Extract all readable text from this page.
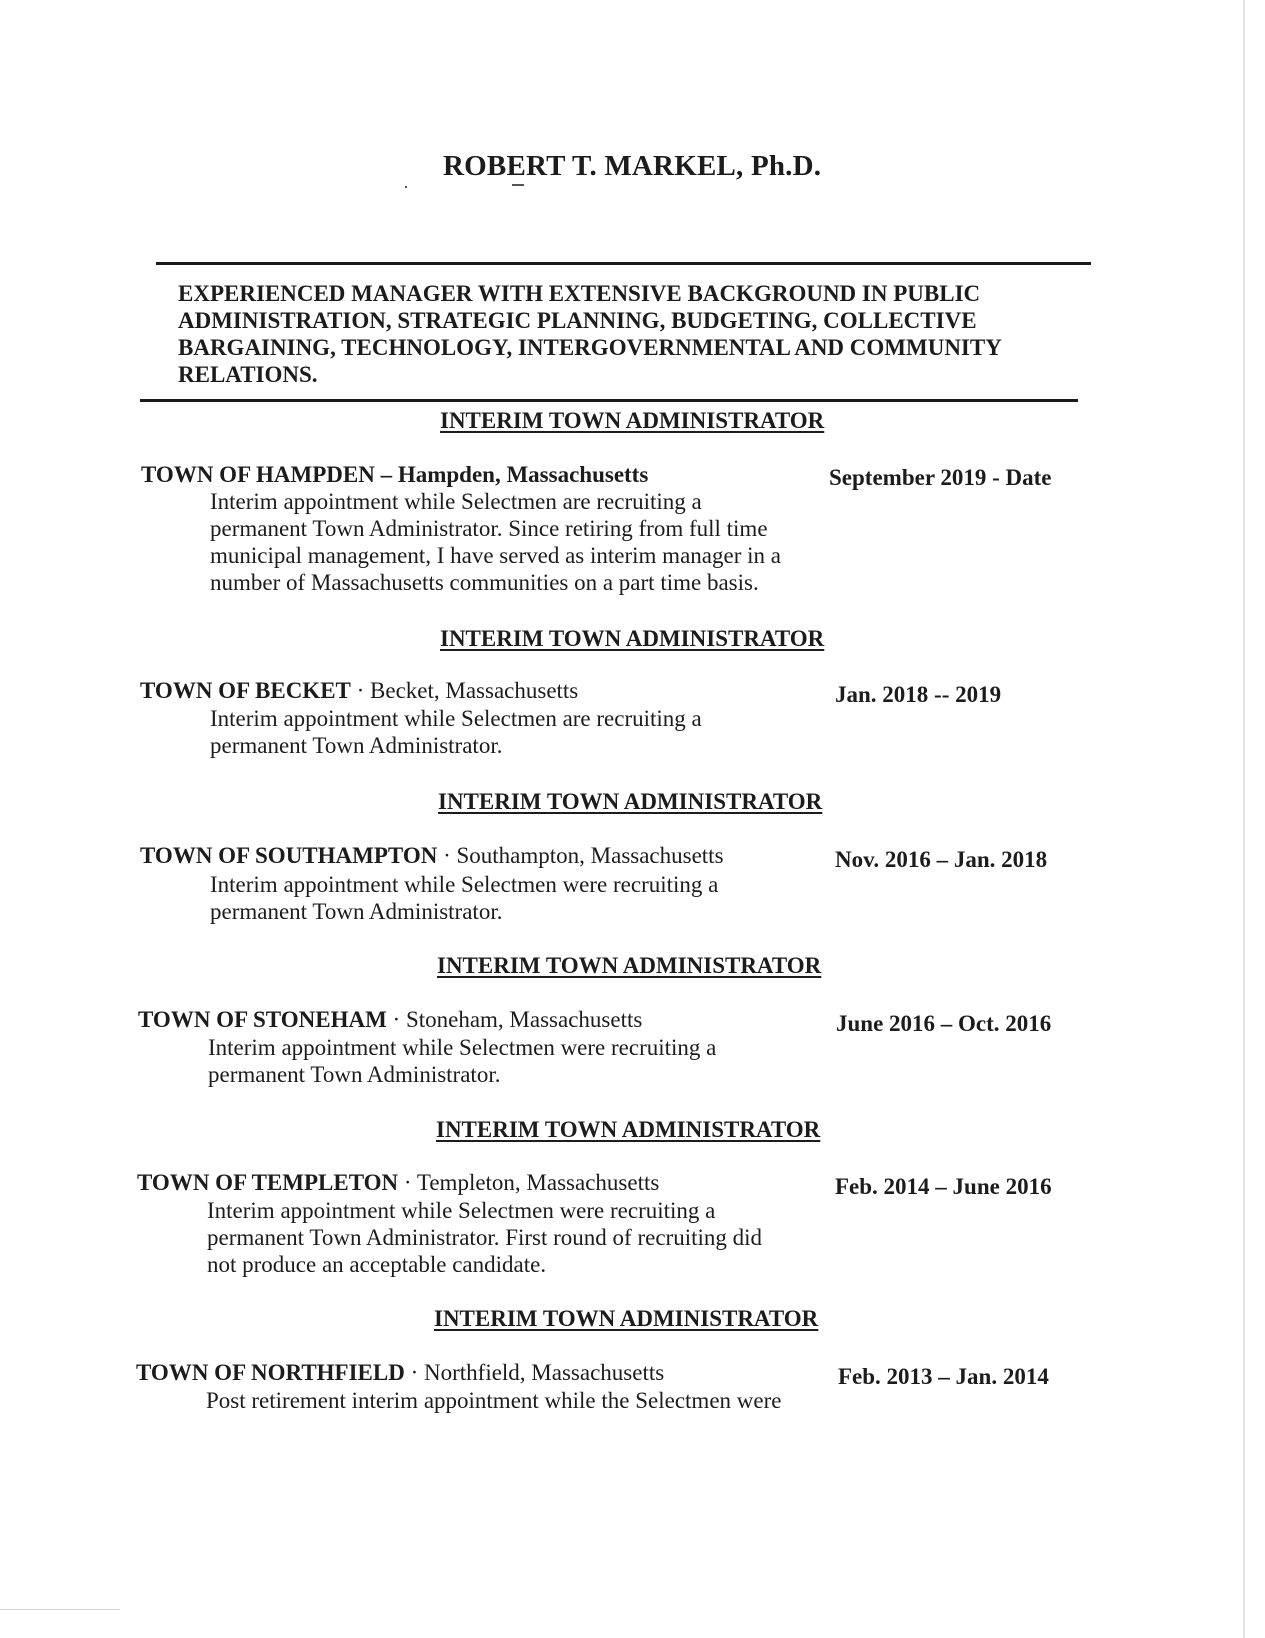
ROBERT T. MARKEL, Ph.D.
EXPERIENCED MANAGER WITH EXTENSIVE BACKGROUND IN PUBLIC
ADMINISTRATION, STRATEGIC PLANNING, BUDGETING, COLLECTIVE
BARGAINING, TECHNOLOGY, INTERGOVERNMENTAL AND COMMUNITY
RELATIONS.
INTERIM TOWN ADMINISTRATOR
TOWN OF HAMPDEN – Hampden, Massachusetts	September 2019 - Date
Interim appointment while Selectmen are recruiting a
permanent Town Administrator. Since retiring from full time
municipal management, I have served as interim manager in a
number of Massachusetts communities on a part time basis.
INTERIM TOWN ADMINISTRATOR
TOWN OF BECKET · Becket, Massachusetts	Jan. 2018 -- 2019
Interim appointment while Selectmen are recruiting a
permanent Town Administrator.
INTERIM TOWN ADMINISTRATOR
TOWN OF SOUTHAMPTON · Southampton, Massachusetts	Nov. 2016 – Jan. 2018
Interim appointment while Selectmen were recruiting a
permanent Town Administrator.
INTERIM TOWN ADMINISTRATOR
TOWN OF STONEHAM · Stoneham, Massachusetts	June 2016 – Oct. 2016
Interim appointment while Selectmen were recruiting a
permanent Town Administrator.
INTERIM TOWN ADMINISTRATOR
TOWN OF TEMPLETON · Templeton, Massachusetts	Feb. 2014 – June 2016
Interim appointment while Selectmen were recruiting a
permanent Town Administrator. First round of recruiting did
not produce an acceptable candidate.
INTERIM TOWN ADMINISTRATOR
TOWN OF NORTHFIELD · Northfield, Massachusetts	Feb. 2013 – Jan. 2014
Post retirement interim appointment while the Selectmen were
